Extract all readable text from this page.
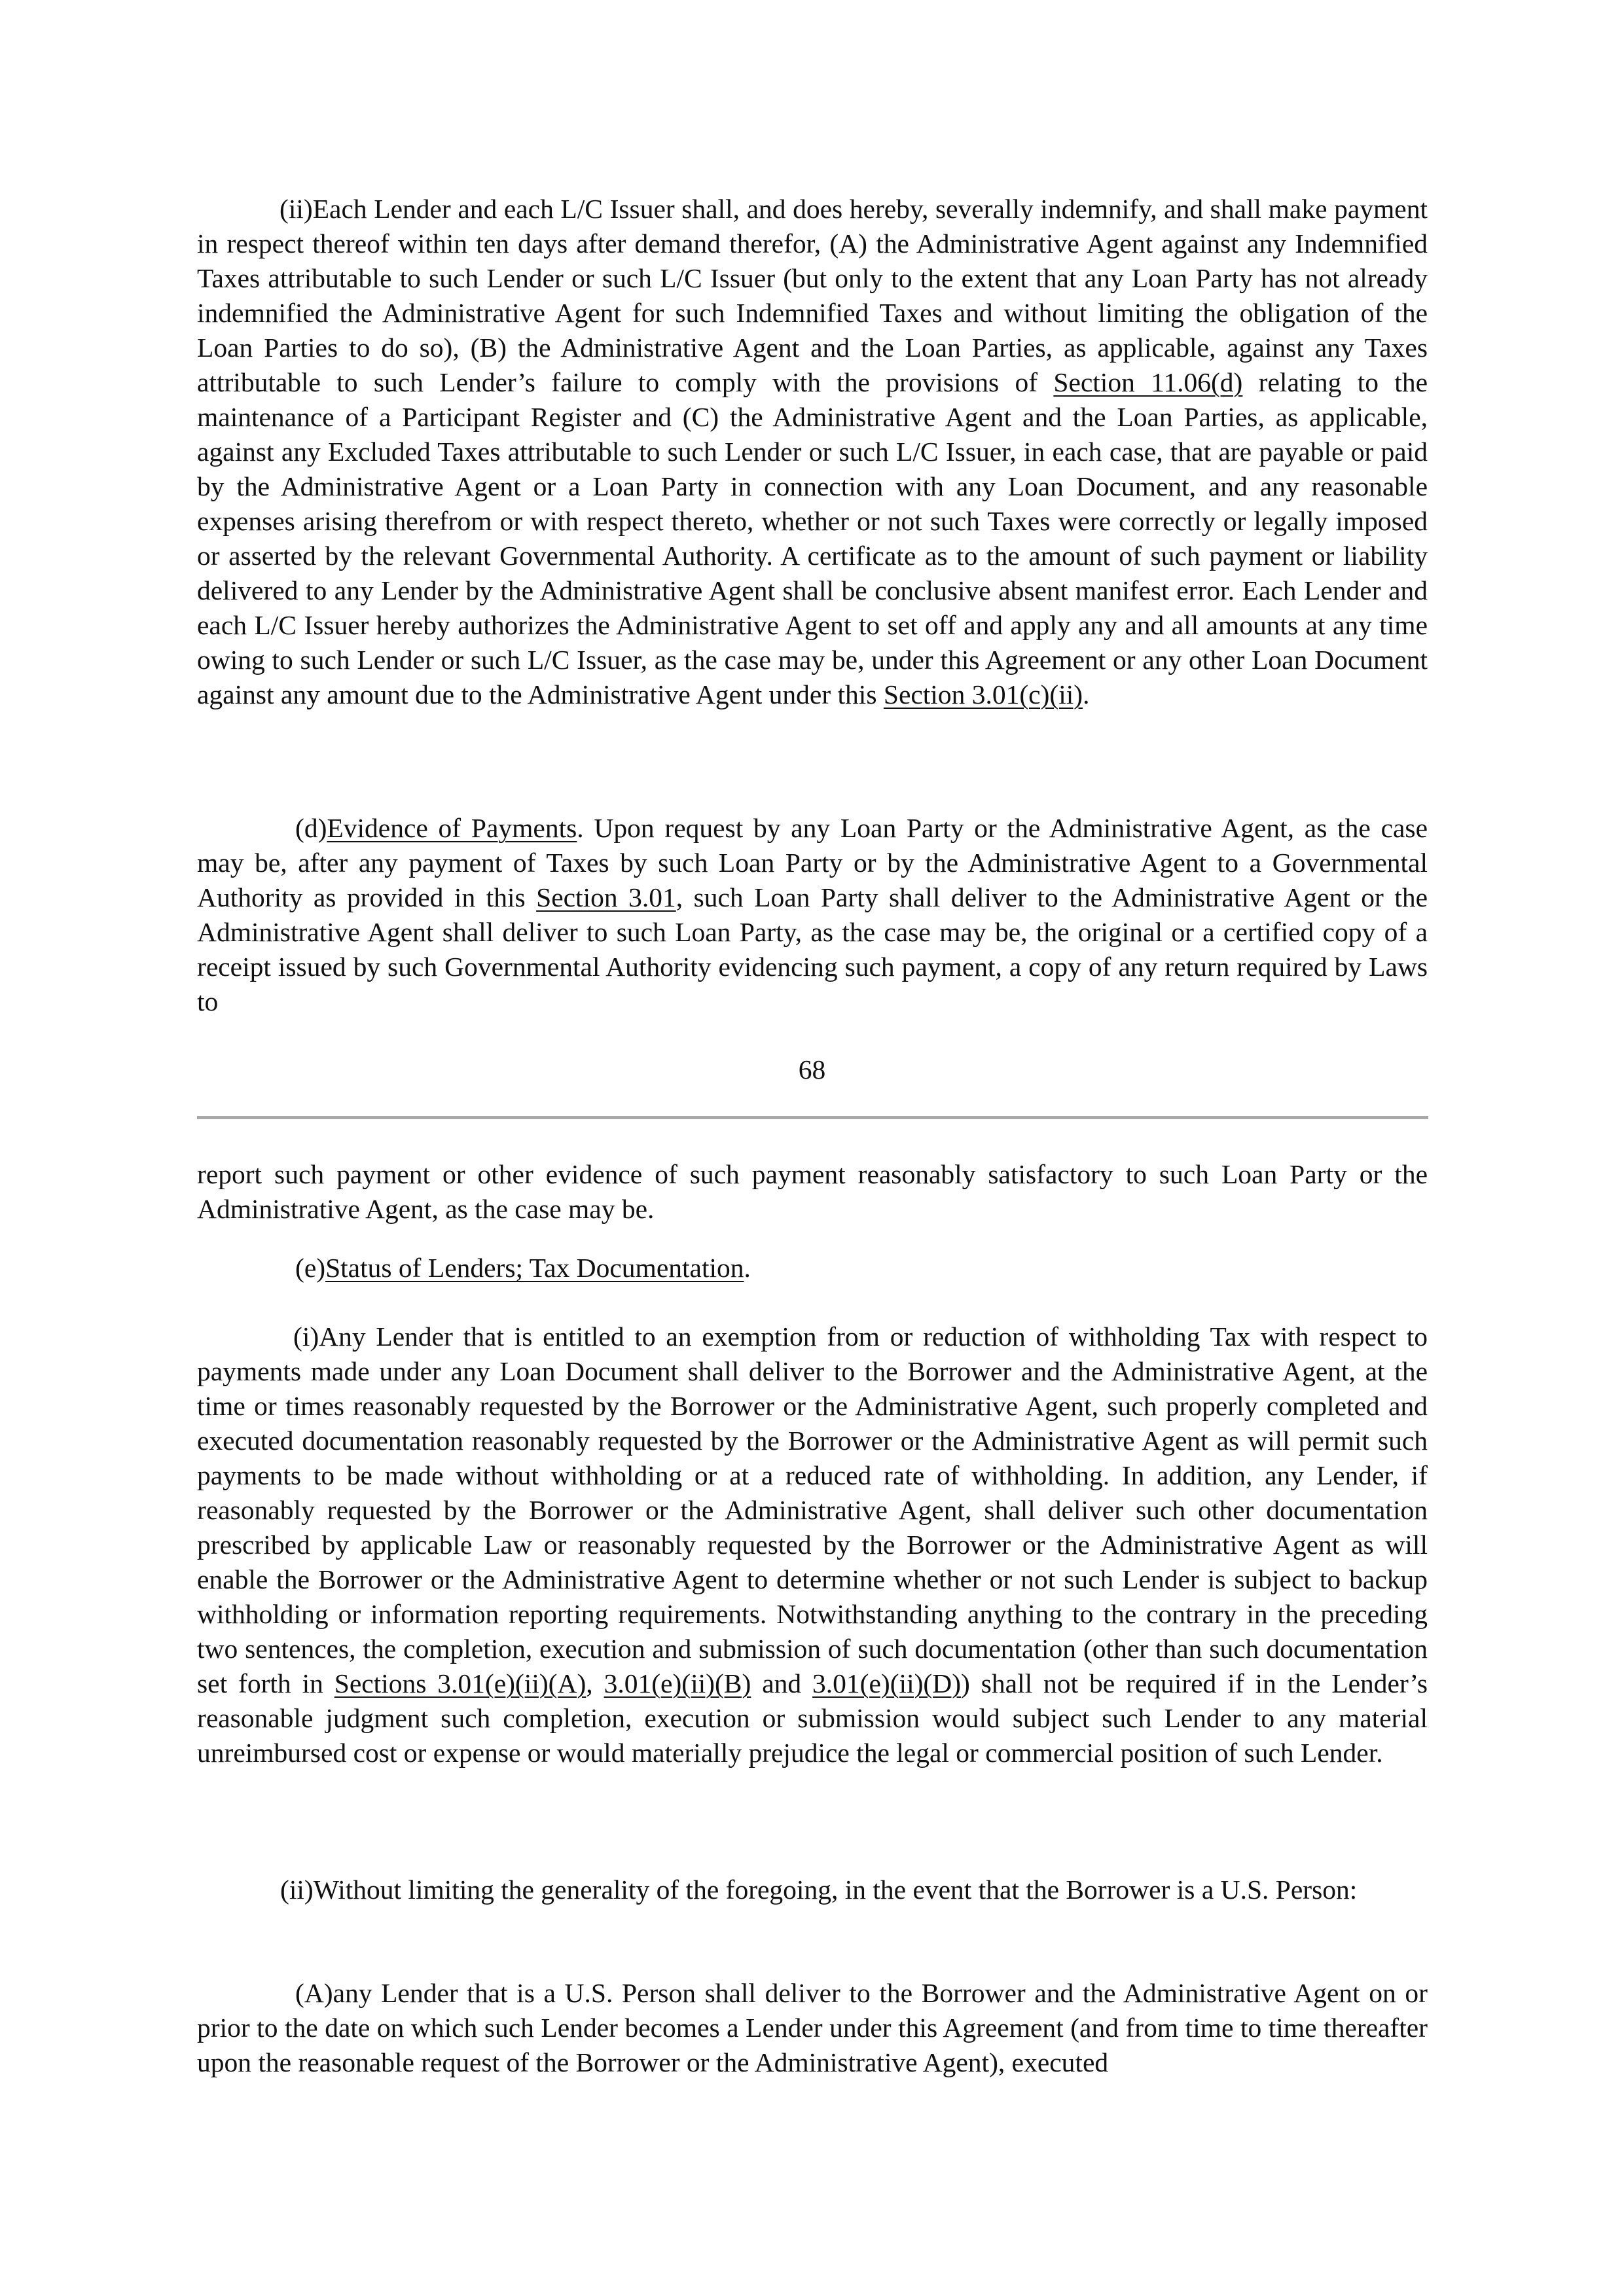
(ii)Each Lender and each L/C Issuer shall, and does hereby, severally indemnify, and shall make payment in respect thereof within ten days after demand therefor, (A) the Administrative Agent against any Indemnified Taxes attributable to such Lender or such L/C Issuer (but only to the extent that any Loan Party has not already indemnified the Administrative Agent for such Indemnified Taxes and without limiting the obligation of the Loan Parties to do so), (B) the Administrative Agent and the Loan Parties, as applicable, against any Taxes attributable to such Lender’s failure to comply with the provisions of Section 11.06(d) relating to the maintenance of a Participant Register and (C) the Administrative Agent and the Loan Parties, as applicable, against any Excluded Taxes attributable to such Lender or such L/C Issuer, in each case, that are payable or paid by the Administrative Agent or a Loan Party in connection with any Loan Document, and any reasonable expenses arising therefrom or with respect thereto, whether or not such Taxes were correctly or legally imposed or asserted by the relevant Governmental Authority. A certificate as to the amount of such payment or liability delivered to any Lender by the Administrative Agent shall be conclusive absent manifest error. Each Lender and each L/C Issuer hereby authorizes the Administrative Agent to set off and apply any and all amounts at any time owing to such Lender or such L/C Issuer, as the case may be, under this Agreement or any other Loan Document against any amount due to the Administrative Agent under this Section 3.01(c)(ii).

(d)Evidence of Payments. Upon request by any Loan Party or the Administrative Agent, as the case may be, after any payment of Taxes by such Loan Party or by the Administrative Agent to a Governmental Authority as provided in this Section 3.01, such Loan Party shall deliver to the Administrative Agent or the Administrative Agent shall deliver to such Loan Party, as the case may be, the original or a certified copy of a receipt issued by such Governmental Authority evidencing such payment, a copy of any return required by Laws to

68

report such payment or other evidence of such payment reasonably satisfactory to such Loan Party or the Administrative Agent, as the case may be.

(e)Status of Lenders; Tax Documentation.

(i)Any Lender that is entitled to an exemption from or reduction of withholding Tax with respect to payments made under any Loan Document shall deliver to the Borrower and the Administrative Agent, at the time or times reasonably requested by the Borrower or the Administrative Agent, such properly completed and executed documentation reasonably requested by the Borrower or the Administrative Agent as will permit such payments to be made without withholding or at a reduced rate of withholding. In addition, any Lender, if reasonably requested by the Borrower or the Administrative Agent, shall deliver such other documentation prescribed by applicable Law or reasonably requested by the Borrower or the Administrative Agent as will enable the Borrower or the Administrative Agent to determine whether or not such Lender is subject to backup withholding or information reporting requirements. Notwithstanding anything to the contrary in the preceding two sentences, the completion, execution and submission of such documentation (other than such documentation set forth in Sections 3.01(e)(ii)(A), 3.01(e)(ii)(B) and 3.01(e)(ii)(D)) shall not be required if in the Lender’s reasonable judgment such completion, execution or submission would subject such Lender to any material unreimbursed cost or expense or would materially prejudice the legal or commercial position of such Lender.

(ii)Without limiting the generality of the foregoing, in the event that the Borrower is a U.S. Person:

(A)any Lender that is a U.S. Person shall deliver to the Borrower and the Administrative Agent on or prior to the date on which such Lender becomes a Lender under this Agreement (and from time to time thereafter upon the reasonable request of the Borrower or the Administrative Agent), executed
